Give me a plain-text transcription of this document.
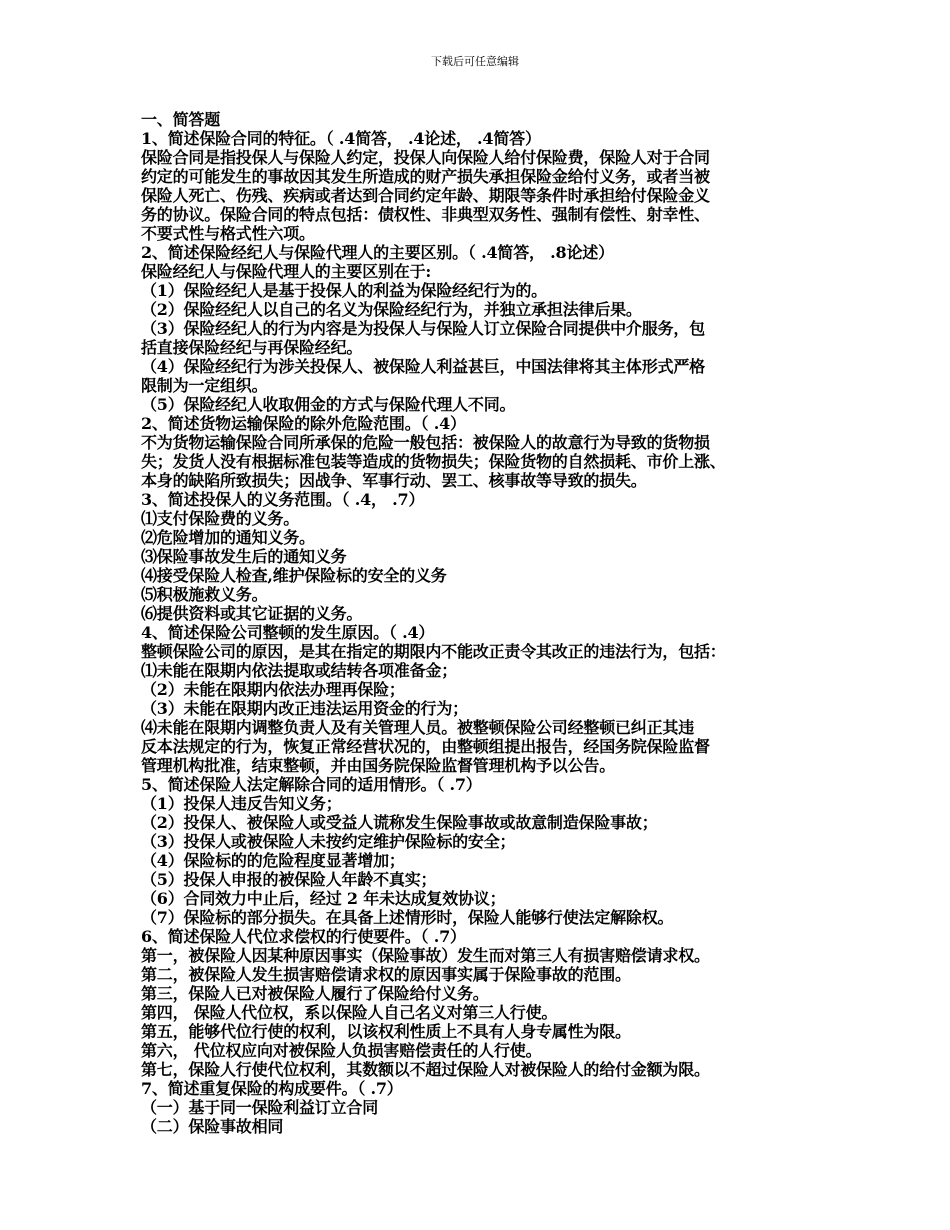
下载后可任意编辑
一、简答题
1、简述保险合同的特征。（ .4简答， .4论述， .4简答）
保险合同是指投保人与保险人约定，投保人向保险人给付保险费，保险人对于合同
约定的可能发生的事故因其发生所造成的财产损失承担保险金给付义务，或者当被
保险人死亡、伤残、疾病或者达到合同约定年龄、期限等条件时承担给付保险金义
务的协议。保险合同的特点包括：债权性、非典型双务性、强制有偿性、射幸性、
不要式性与格式性六项。
2、简述保险经纪人与保险代理人的主要区别。（ .4简答， .8论述）
保险经纪人与保险代理人的主要区别在于:
（1）保险经纪人是基于投保人的利益为保险经纪行为的。
（2）保险经纪人以自己的名义为保险经纪行为，并独立承担法律后果。
（3）保险经纪人的行为内容是为投保人与保险人订立保险合同提供中介服务，包
括直接保险经纪与再保险经纪。
（4）保险经纪行为涉关投保人、被保险人利益甚巨，中国法律将其主体形式严格
限制为一定组织。
（5）保险经纪人收取佣金的方式与保险代理人不同。
2、简述货物运输保险的除外危险范围。（ .4）
不为货物运输保险合同所承保的危险一般包括：被保险人的故意行为导致的货物损
失；发货人没有根据标准包装等造成的货物损失；保险货物的自然损耗、市价上涨、
本身的缺陷所致损失；因战争、军事行动、罢工、核事故等导致的损失。
3、简述投保人的义务范围。（ .4， .7）
⑴支付保险费的义务。
⑵危险增加的通知义务。
⑶保险事故发生后的通知义务
⑷接受保险人检查,维护保险标的安全的义务
⑸积极施救义务。
⑹提供资料或其它证据的义务。
4、简述保险公司整顿的发生原因。（ .4）
整顿保险公司的原因，是其在指定的期限内不能改正责令其改正的违法行为，包括：
⑴未能在限期内依法提取或结转各项准备金；
（2）未能在限期内依法办理再保险；
（3）未能在限期内改正违法运用资金的行为；
⑷未能在限期内调整负责人及有关管理人员。被整顿保险公司经整顿已纠正其违
反本法规定的行为，恢复正常经营状况的，由整顿组提出报告，经国务院保险监督
管理机构批准，结束整顿，并由国务院保险监督管理机构予以公告。
5、简述保险人法定解除合同的适用情形。（ .7）
（1）投保人违反告知义务；
（2）投保人、被保险人或受益人谎称发生保险事故或故意制造保险事故；
（3）投保人或被保险人未按约定维护保险标的安全；
（4）保险标的的危险程度显著增加；
（5）投保人申报的被保险人年龄不真实；
（6）合同效力中止后，经过 2 年未达成复效协议；
（7）保险标的部分损失。在具备上述情形时，保险人能够行使法定解除权。
6、简述保险人代位求偿权的行使要件。（ .7）
第一，被保险人因某种原因事实（保险事故）发生而对第三人有损害赔偿请求权。
第二，被保险人发生损害赔偿请求权的原因事实属于保险事故的范围。
第三，保险人已对被保险人履行了保险给付义务。
第四， 保险人代位权，系以保险人自己名义对第三人行使。
第五，能够代位行使的权利，以该权利性质上不具有人身专属性为限。
第六， 代位权应向对被保险人负损害赔偿责任的人行使。
第七，保险人行使代位权利，其数额以不超过保险人对被保险人的给付金额为限。
7、简述重复保险的构成要件。（ .7）
（一）基于同一保险利益订立合同
（二）保险事故相同
